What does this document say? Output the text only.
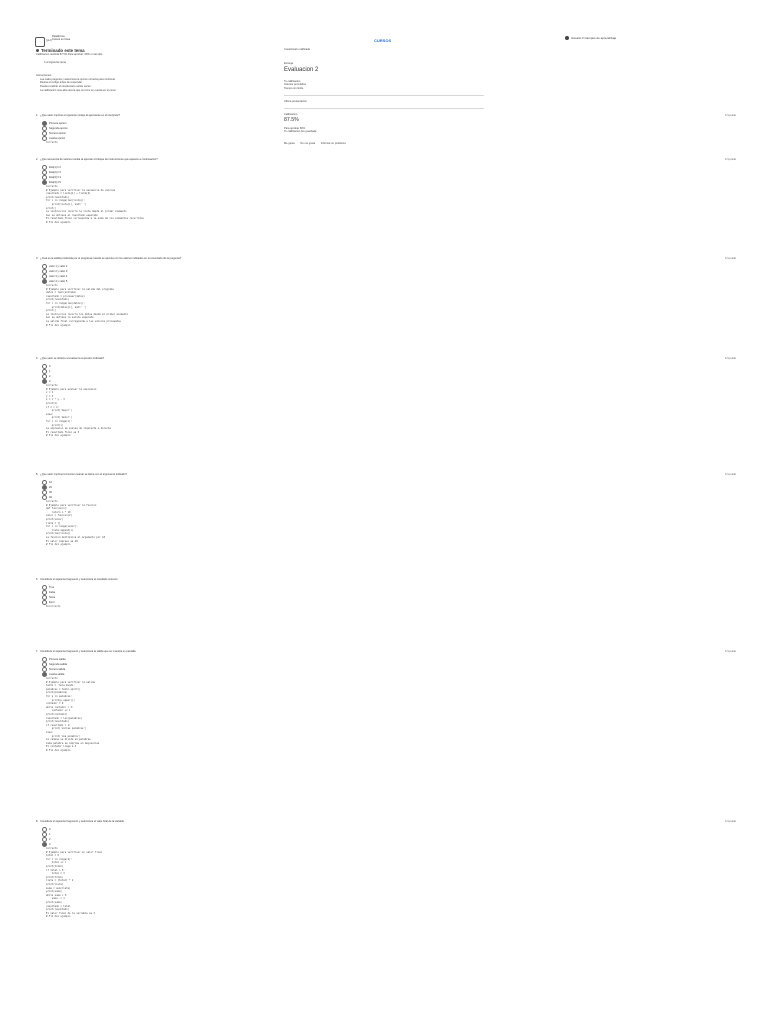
[pH]
Plataforma
Cursos en linea	CURSOS	Usuario ▾ Campus de aprendizaje
Terminado este tema
Calificacion recibida 87.5% Para aprobar: 60% o mas alto
Ir al siguiente tema
Instrucciones
Lee cada pregunta y selecciona la opcion correcta para continuar
Revisa el codigo antes de responder
Puedes realizar el cuestionario varias veces
La calificacion mas alta sera la que se tome en cuenta en el curso
Cuestionario calificado
Entrega
Evaluacion 2
Tu calificacion
Intentos permitidos
Tiempo sin limite
Ultima presentacion
Calificacion
87.5%
Para aprobar 60%
Tu calificacion fue guardada
Me gusta No me gusta Informar un problema
1. ¿Que valor imprime el siguiente codigo al ejecutarse en el interprete?	1/1 punto
Primera opcion
Segunda opcion
Tercera opcion
Cuarta opcion
Correcto
2. ¿Que secuencia de valores resulta al ejecutar el bloque de instrucciones que aparece a continuacion?	1/1 punto
lista[1] 1 2
lista[2] 2 3
lista[3] 3 4
lista[4] 4 5
Correcto
# Ejemplo para verificar la secuencia de valores
resultado = lista[1] + lista[2]
print(resultado)
for i in range(len(lista)):
print(lista[i], end=' ')
print()
La instruccion recorre la lista desde el primer elemento
Asi se obtiene el resultado esperado
El resultado final corresponde a la suma de los elementos recorridos
# Fin del ejemplo
3. ¿Cual es la salida producida por el programa cuando se ejecuta con los valores indicados en el enunciado de la pregunta?	1/1 punto
valor 1 y valor 2
valor 2 y valor 3
valor 3 y valor 4
valor 4 y valor 5
Correcto
# Ejemplo para verificar la salida del programa
datos = leer(entrada)
resultado = procesar(datos)
print(resultado)
for i in range(len(datos)):
print(datos[i], end=' ')
print()
La instruccion recorre los datos desde el primer elemento
Asi se obtiene la salida esperada
La salida final corresponde a los valores procesados
# Fin del ejemplo
4. ¿Que valor se obtiene al evaluar la expresion indicada?	1/1 punto
0
1
2
3
Correcto
# Ejemplo para evaluar la expresion
x = 2
y = 3
z = x * y - 3
print(z)
if z > 2:
print('mayor')
else:
print('menor')
for i in range(z):
print(i)
La expresion se evalua de izquierda a derecha
El resultado final es 3
# Fin del ejemplo
5. ¿Que valor imprime la funcion cuando se llama con el argumento indicado?	1/1 punto
10
20
30
40
Correcto
# Ejemplo para verificar la funcion
def funcion(n):
return n * 10
valor = funcion(2)
print(valor)
lista = []
for i in range(valor):
lista.append(i)
print(len(lista))
La funcion multiplica el argumento por 10
El valor impreso es 20
# Fin del ejemplo
6. Considera el siguiente fragmento y selecciona el resultado correcto.
True
False
None
Error
Incorrecto
7. Considera el siguiente fragmento y selecciona la salida que se muestra en pantalla.	1/1 punto
Primera salida
Segunda salida
Tercera salida
Cuarta salida
Correcto
# Ejemplo para verificar la salida
texto = 'hola mundo'
palabras = texto.split()
print(palabras)
for p in palabras:
print(p.upper())
contador = 0
while contador < 3:
contador += 1
print(contador)
resultado = len(palabras)
print(resultado)
if resultado > 1:
print('varias palabras')
else:
print('una palabra')
La cadena se divide en palabras
Cada palabra se imprime en mayusculas
El contador llega a 3
# Fin del ejemplo
8. Considera el siguiente fragmento y selecciona el valor final de la variable.	1/1 punto
0
1
2
3
Correcto
# Ejemplo para verificar el valor final
total = 0
for i in range(4):
total += i
print(total)
if total > 5:
total = 3
print(total)
lista = [total] * 2
print(lista)
suma = sum(lista)
print(suma)
while suma > 3:
suma -= 1
print(suma)
resultado = total
print(resultado)
El valor final de la variable es 3
# Fin del ejemplo
